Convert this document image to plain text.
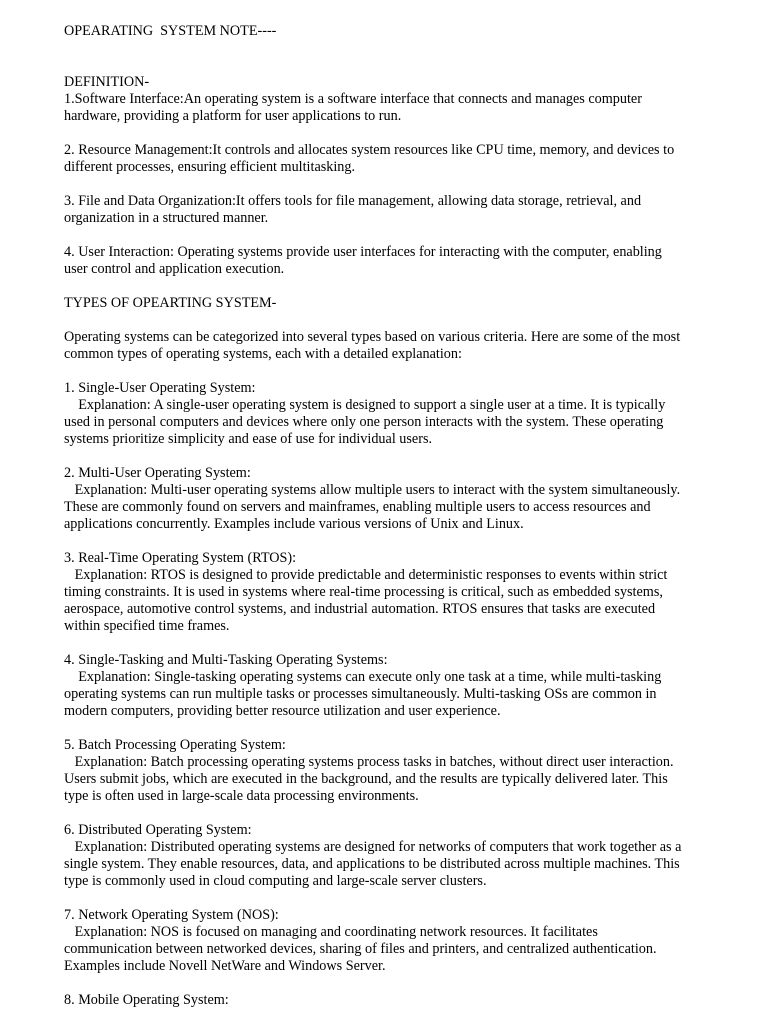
OPEARATING  SYSTEM NOTE----
DEFINITION-
1.Software Interface:An operating system is a software interface that connects and manages computer
hardware, providing a platform for user applications to run.
2. Resource Management:It controls and allocates system resources like CPU time, memory, and devices to
different processes, ensuring efficient multitasking.
3. File and Data Organization:It offers tools for file management, allowing data storage, retrieval, and
organization in a structured manner.
4. User Interaction: Operating systems provide user interfaces for interacting with the computer, enabling
user control and application execution.
TYPES OF OPEARTING SYSTEM-
Operating systems can be categorized into several types based on various criteria. Here are some of the most
common types of operating systems, each with a detailed explanation:
1. Single-User Operating System:
Explanation: A single-user operating system is designed to support a single user at a time. It is typically
used in personal computers and devices where only one person interacts with the system. These operating
systems prioritize simplicity and ease of use for individual users.
2. Multi-User Operating System:
Explanation: Multi-user operating systems allow multiple users to interact with the system simultaneously.
These are commonly found on servers and mainframes, enabling multiple users to access resources and
applications concurrently. Examples include various versions of Unix and Linux.
3. Real-Time Operating System (RTOS):
Explanation: RTOS is designed to provide predictable and deterministic responses to events within strict
timing constraints. It is used in systems where real-time processing is critical, such as embedded systems,
aerospace, automotive control systems, and industrial automation. RTOS ensures that tasks are executed
within specified time frames.
4. Single-Tasking and Multi-Tasking Operating Systems:
Explanation: Single-tasking operating systems can execute only one task at a time, while multi-tasking
operating systems can run multiple tasks or processes simultaneously. Multi-tasking OSs are common in
modern computers, providing better resource utilization and user experience.
5. Batch Processing Operating System:
Explanation: Batch processing operating systems process tasks in batches, without direct user interaction.
Users submit jobs, which are executed in the background, and the results are typically delivered later. This
type is often used in large-scale data processing environments.
6. Distributed Operating System:
Explanation: Distributed operating systems are designed for networks of computers that work together as a
single system. They enable resources, data, and applications to be distributed across multiple machines. This
type is commonly used in cloud computing and large-scale server clusters.
7. Network Operating System (NOS):
Explanation: NOS is focused on managing and coordinating network resources. It facilitates
communication between networked devices, sharing of files and printers, and centralized authentication.
Examples include Novell NetWare and Windows Server.
8. Mobile Operating System:
